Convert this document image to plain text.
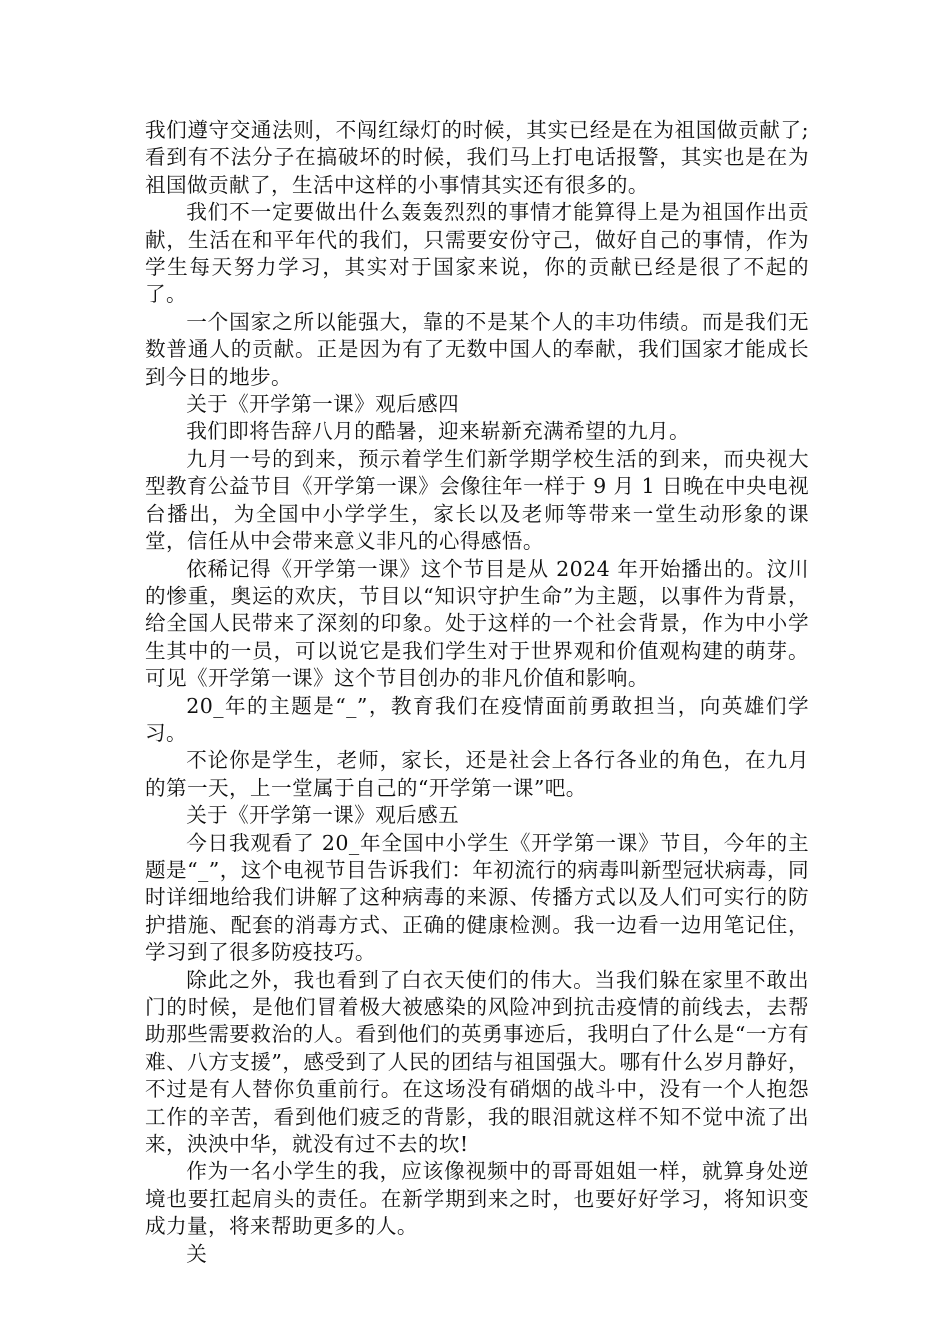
我们遵守交通法则，不闯红绿灯的时候，其实已经是在为祖国做贡献了;看到有不法分子在搞破坏的时候，我们马上打电话报警，其实也是在为祖国做贡献了，生活中这样的小事情其实还有很多的。

我们不一定要做出什么轰轰烈烈的事情才能算得上是为祖国作出贡献，生活在和平年代的我们，只需要安份守己，做好自己的事情，作为学生每天努力学习，其实对于国家来说，你的贡献已经是很了不起的了。

一个国家之所以能强大，靠的不是某个人的丰功伟绩。而是我们无数普通人的贡献。正是因为有了无数中国人的奉献，我们国家才能成长到今日的地步。

关于《开学第一课》观后感四

我们即将告辞八月的酷暑，迎来崭新充满希望的九月。

九月一号的到来，预示着学生们新学期学校生活的到来，而央视大型教育公益节目《开学第一课》会像往年一样于 9 月 1 日晚在中央电视台播出，为全国中小学学生，家长以及老师等带来一堂生动形象的课堂，信任从中会带来意义非凡的心得感悟。

依稀记得《开学第一课》这个节目是从 2024 年开始播出的。汶川的惨重，奥运的欢庆，节目以“知识守护生命”为主题，以事件为背景，给全国人民带来了深刻的印象。处于这样的一个社会背景，作为中小学生其中的一员，可以说它是我们学生对于世界观和价值观构建的萌芽。可见《开学第一课》这个节目创办的非凡价值和影响。

20_年的主题是“_”，教育我们在疫情面前勇敢担当，向英雄们学习。

不论你是学生，老师，家长，还是社会上各行各业的角色，在九月的第一天，上一堂属于自己的“开学第一课”吧。

关于《开学第一课》观后感五

今日我观看了 20_年全国中小学生《开学第一课》节目，今年的主题是“_”，这个电视节目告诉我们：年初流行的病毒叫新型冠状病毒，同时详细地给我们讲解了这种病毒的来源、传播方式以及人们可实行的防护措施、配套的消毒方式、正确的健康检测。我一边看一边用笔记住，学习到了很多防疫技巧。

除此之外，我也看到了白衣天使们的伟大。当我们躲在家里不敢出门的时候，是他们冒着极大被感染的风险冲到抗击疫情的前线去，去帮助那些需要救治的人。看到他们的英勇事迹后，我明白了什么是“一方有难、八方支援”，感受到了人民的团结与祖国强大。哪有什么岁月静好，不过是有人替你负重前行。在这场没有硝烟的战斗中，没有一个人抱怨工作的辛苦，看到他们疲乏的背影，我的眼泪就这样不知不觉中流了出来，泱泱中华，就没有过不去的坎!

作为一名小学生的我，应该像视频中的哥哥姐姐一样，就算身处逆境也要扛起肩头的责任。在新学期到来之时，也要好好学习，将知识变成力量，将来帮助更多的人。

关
